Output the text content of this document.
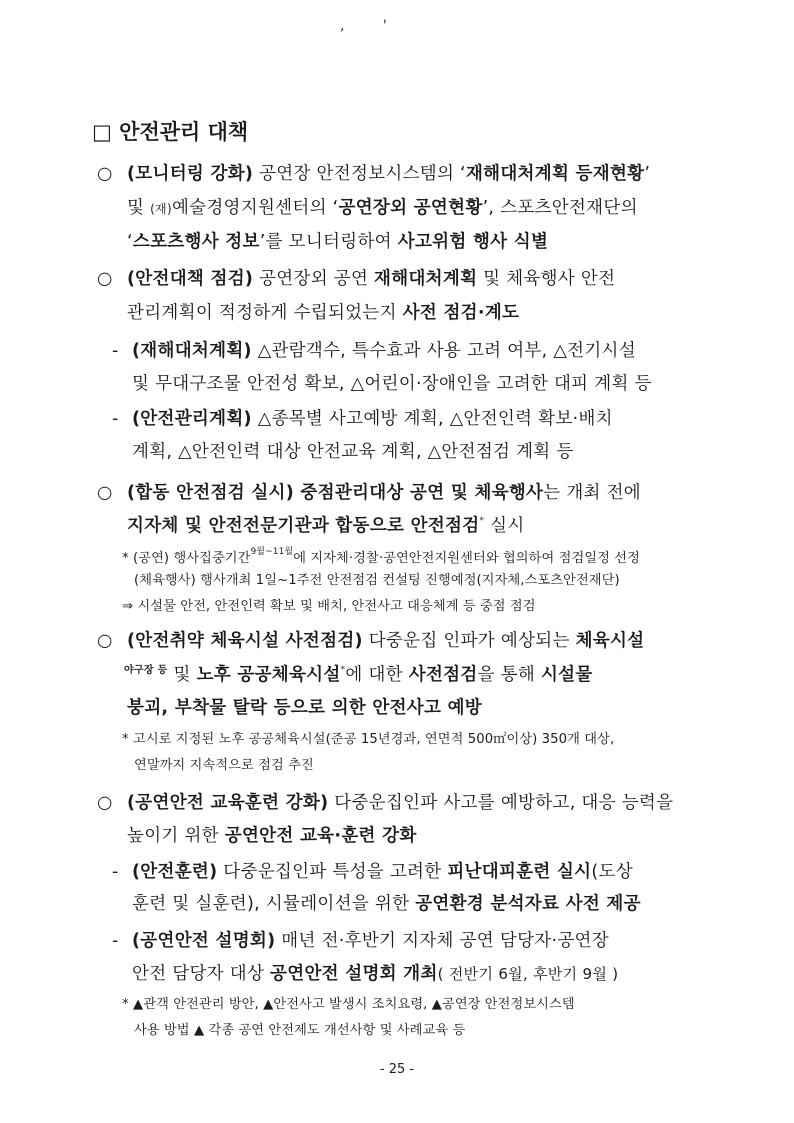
,	'
□ 안전관리 대책
○ (모니터링 강화) 공연장 안전정보시스템의 ‘재해대처계획 등재현황’
및 (재)예술경영지원센터의 ‘공연장외 공연현황’, 스포츠안전재단의
‘스포츠행사 정보’를 모니터링하여 사고위험 행사 식별
○ (안전대책 점검) 공연장외 공연 재해대처계획 및 체육행사 안전
관리계획이 적정하게 수립되었는지 사전 점검·계도
- (재해대처계획) △관람객수, 특수효과 사용 고려 여부, △전기시설
및 무대구조물 안전성 확보, △어린이·장애인을 고려한 대피 계획 등
- (안전관리계획) △종목별 사고예방 계획, △안전인력 확보·배치
계획, △안전인력 대상 안전교육 계획, △안전점검 계획 등
○ (합동 안전점검 실시) 중점관리대상 공연 및 체육행사는 개최 전에
지자체 및 안전전문기관과 합동으로 안전점검* 실시
* (공연) 행사집중기간$^{9월\sim 11월}$에 지자체·경찰·공연안전지원센터와 협의하여 점검일정 선정
(체육행사) 행사개최 1일~1주전 안전점검 컨설팅 진행예정(지자체,스포츠안전재단)
⇒ 시설물 안전, 안전인력 확보 및 배치, 안전사고 대응체계 등 중점 점검
○ (안전취약 체육시설 사전점검) 다중운집 인파가 예상되는 체육시설
$^{야구장 등}$ 및 노후 공공체육시설*에 대한 사전점검을 통해 시설물
붕괴, 부착물 탈락 등으로 의한 안전사고 예방
* 고시로 지정된 노후 공공체육시설(준공 15년경과, 연면적 500㎡이상) 350개 대상,
연말까지 지속적으로 점검 추진
○ (공연안전 교육훈련 강화) 다중운집인파 사고를 예방하고, 대응 능력을
높이기 위한 공연안전 교육·훈련 강화
- (안전훈련) 다중운집인파 특성을 고려한 피난대피훈련 실시(도상
훈련 및 실훈련), 시뮬레이션을 위한 공연환경 분석자료 사전 제공
- (공연안전 설명회) 매년 전·후반기 지자체 공연 담당자·공연장
안전 담당자 대상 공연안전 설명회 개최( 전반기 6월, 후반기 9월 )
* ▲관객 안전관리 방안, ▲안전사고 발생시 조치요령, ▲공연장 안전정보시스템
사용 방법 ▲ 각종 공연 안전제도 개선사항 및 사례교육 등
- 25 -
